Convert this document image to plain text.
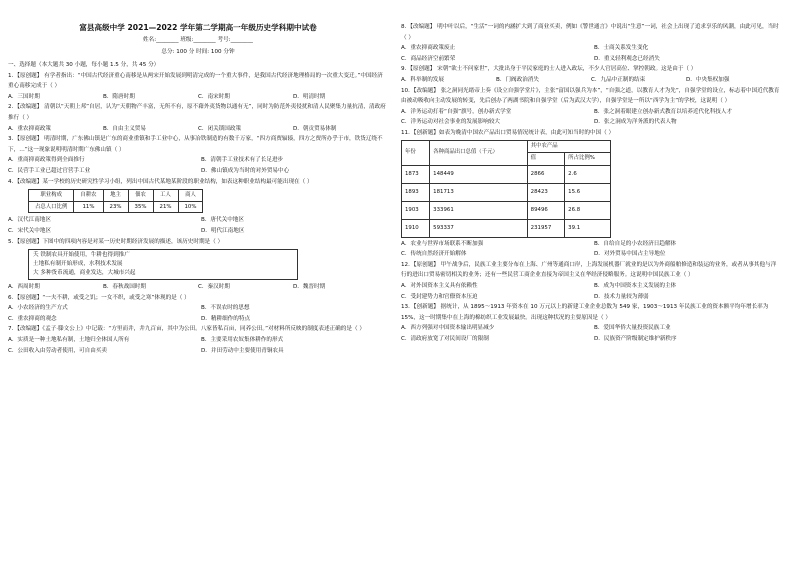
富县高级中学 2021—2022 学年第二学期高一年级历史学科期中试卷
姓名:________ 班级:________ 考号:________
总分: 100 分 时间: 100 分钟
一、选择题（本大题共 30 小题，每小题 1.5 分，共 45 分）

1．【原创题】 有学者指出：“中国古代经济重心南移是从两宋开始发展到明清完成的一个重大事件，是我国古代经济地理格局的一次重大变迁。”中国经济重心南移完成于（ ）

A．三国时期	B．隋唐时期	C．南宋时期	D．明清时期

2．【改编题】 清朝以“天朝上邦”自居，认为“天朝物产丰富，无所不有，原不藉外夷货物以通有无”，同时为防范外夷侵扰和清人民聚集力量抗清，清政府推行（ ）

A．重农抑商政策	B．自由主义贸易	C．闭关锁国政策	D．朝贡贸易体制

3．【原创题】 明清时期，广东佛山镇是广东的商业重镇和手工业中心，从事冶铁制造的有数千万家，“四方商贾辐辏，四方之贾所办乎于市，铁货辽绕不下，…”这一现象说明明清时期广东佛山镇（ ）

A．重商抑商政策得到全面推行	B．清朝手工业技术有了长足进步
C．民营手工业已超过官营手工业	D．佛山镇成为当时的对外贸易中心

4．【改编题】某一学校的历史研究性学习小组，列出中国古代某地某阶段的职业结构，如表这种职业结构最可能出现在（ ）

职业构成	自耕农	地主	佃农	工人	商人
占总人口比例	11%	23%	35%	21%	10%
A．汉代江南地区	B．唐代关中地区
C．宋代关中地区	D．明代江南地区

5．【原创题】下图中的四项内容是对某一历史时期经济发展的描述，该历史时期是（ ）

夭 铁制农具开始使用，牛耕也得到推广
土地私有制开始形成，水利技术发展
大 多种货币流通，商业发达，大城市兴起
A．西周时期	B．春秋战国时期	C．秦汉时期	D．魏晋时期

6．【原创题】“一夫不耕，或受之饥；一女不织，或受之寒”体现的是（ ）

A．小农经济的生产方式	B．不误农时的思想
C．重农抑商的观念	D．精耕细作的特点

7．【改编题】《孟子·滕文公上》中记载：“方里而井，井九百亩，其中为公田。八家皆私百亩，同养公田。”对材料所反映的制度表述正确的是（ ）

A．实质是一种土地私有制，土地归全体国人所有	B．主要采用农奴集体耕作的形式
C．公田收入由劳动者使用，可自由买卖	D．并田劳动中主要使用青铜农具

8．【改编题】 明中叶以后，“生活”一词的内涵扩大到了商业买卖，例如《警世通言》中说出“生意”一词，社会上出现了追求享乐的风潮，由此可见，当时（ ）

A．重农抑商政策废止	B．士商关系发生变化
C．商品经济空前繁荣	D．重义轻利观念已经消失

9．【原创题】 宋朝“欲士不问家世”，大批出身于平民家庭的士人进入政坛，不少人官居高位、掌控朝政。这是由于（ ）

A．科举制的发展	B．门阀政治消失	C．九品中正制的结束	D．中央集权加强

10．【改编题】 张之洞同光绪帝上奏《设立自强学堂片》，主张“富国以强兵为本”，“自强之道，以教育人才为先”，自强学堂的设立，标志着中国近代教育由被动吸收向主动发展的转变，先后创办了两湖书院和自强学堂（后为武汉大学），自强学堂是一所以“西学为主”的学校，这说明（ ）

A．洋务运动打着“自强”旗号，创办新式学堂	B．张之洞着眼建立创办新式教育以培养近代化科技人才
C．洋务运动对社会事业的发展影响较大	D．张之洞成为洋务派的代表人物

11．【创新题】如表为晚清中国农产品出口贸易情况统计表，由此可知当时的中国（ ）

年份	各种商品出口总值（千元）	其中农产品	
		值	所占比例%
1873	148449	2866	2.6
1893	181713	28423	15.6
1903	333961	89496	26.8
1910	593337	231957	39.1
A．农业与世界市场联系不断加强	B．自给自足的小农经济日趋解体
C．传统自然经济开始解体	D．对外贸易中国占主导地位

12．【原创题】 甲午战争后，民族工业主要分布在上海、广州等通商口岸，上海发展机器厂就业的是以为外商船舶修造和装运的业务，或者从事其他与洋行的进出口贸易密切相关的业务；还有一些民营工商企业直接为帝国主义在华经济侵略服务。这说明中国民族工业（ ）

A．对外国资本主义具有依赖性	B．成为中国资本主义发展的主体
C．受封建势力和官僚资本压迫	D．技术力量较为薄弱

13．【创新题】 据统计，从 1895～1913 年资本在 10 万元以上的新建工业企业总数为 549 家，1903～1913 年民族工业的资本额平均年增长率为 15%，这一时期集中在上海的棉纺织工业发展最快。出现这种状况的主要原因是（ ）

A．西方列强对中国资本输出明显减少	B．爱国华侨大量投资民族工业
C．清政府放宽了对民间设厂的限制	D．民族资产阶级制定维护新秩序
